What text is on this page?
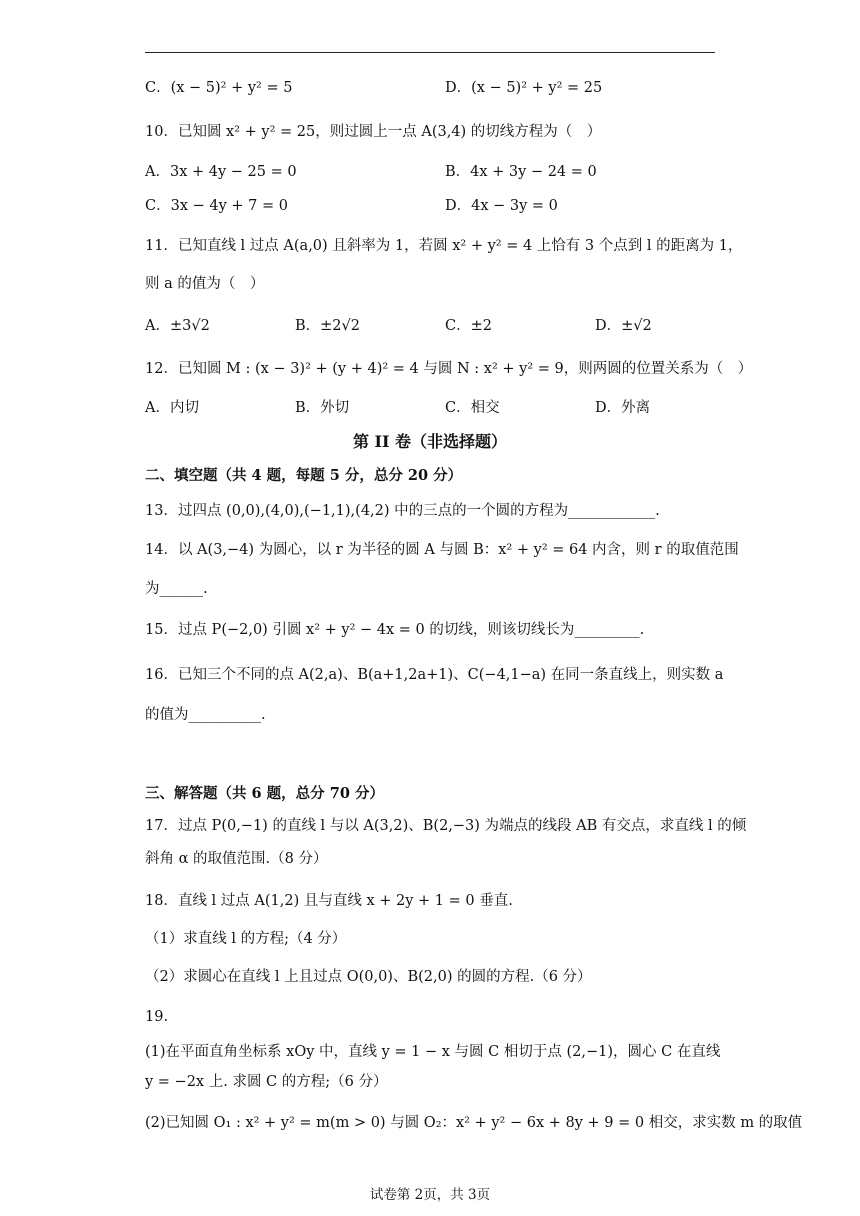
C．(x − 5)² + y² = 5	D．(x − 5)² + y² = 25
10．已知圆 x² + y² = 25，则过圆上一点 A(3,4) 的切线方程为（　）
A．3x + 4y − 25 = 0	B．4x + 3y − 24 = 0
C．3x − 4y + 7 = 0	D．4x − 3y = 0
11．已知直线 l 过点 A(a,0) 且斜率为 1，若圆 x² + y² = 4 上恰有 3 个点到 l 的距离为 1，
则 a 的值为（　）
A．±3√2	B．±2√2	C．±2	D．±√2
12．已知圆 M : (x − 3)² + (y + 4)² = 4 与圆 N : x² + y² = 9，则两圆的位置关系为（　）
A．内切	B．外切	C．相交	D．外离
第 II 卷（非选择题）
二、填空题（共 4 题，每题 5 分，总分 20 分）
13．过四点 (0,0),(4,0),(−1,1),(4,2) 中的三点的一个圆的方程为____________.
14．以 A(3,−4) 为圆心，以 r 为半径的圆 A 与圆 B：x² + y² = 64 内含，则 r 的取值范围
为______.
15．过点 P(−2,0) 引圆 x² + y² − 4x = 0 的切线，则该切线长为_________.
16．已知三个不同的点 A(2,a)、B(a+1,2a+1)、C(−4,1−a) 在同一条直线上，则实数 a
的值为__________.
三、解答题（共 6 题，总分 70 分）
17．过点 P(0,−1) 的直线 l 与以 A(3,2)、B(2,−3) 为端点的线段 AB 有交点，求直线 l 的倾
斜角 α 的取值范围.（8 分）
18．直线 l 过点 A(1,2) 且与直线 x + 2y + 1 = 0 垂直.
（1）求直线 l 的方程;（4 分）
（2）求圆心在直线 l 上且过点 O(0,0)、B(2,0) 的圆的方程.（6 分）
19.
(1)在平面直角坐标系 xOy 中，直线 y = 1 − x 与圆 C 相切于点 (2,−1)，圆心 C 在直线
y = −2x 上. 求圆 C 的方程;（6 分）
(2)已知圆 O₁ : x² + y² = m(m > 0) 与圆 O₂：x² + y² − 6x + 8y + 9 = 0 相交，求实数 m 的取值
试卷第 2页，共 3页
